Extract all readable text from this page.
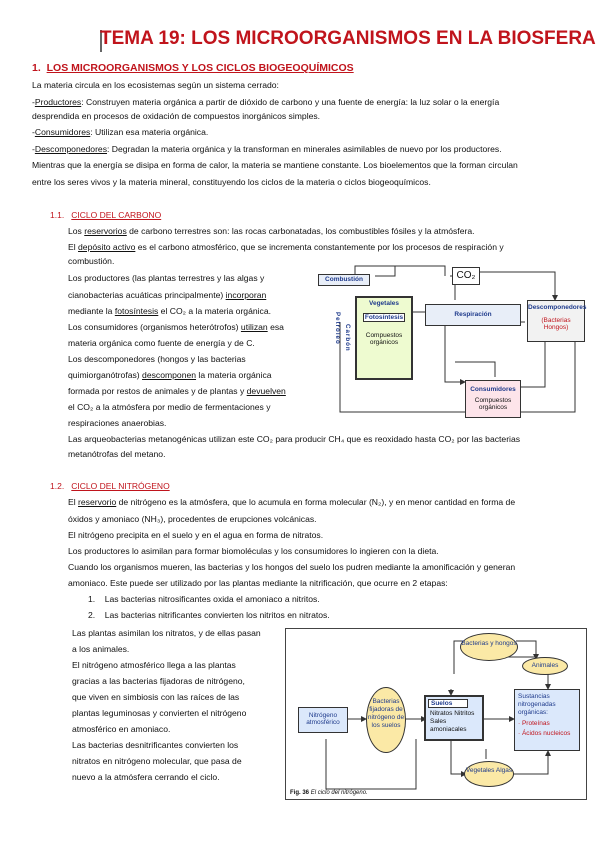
TEMA 19: LOS MICROORGANISMOS EN LA BIOSFERA
1. LOS MICROORGANISMOS Y LOS CICLOS BIOGEOQUÍMICOS

La materia circula en los ecosistemas según un sistema cerrado:

-Productores: Construyen materia orgánica a partir de dióxido de carbono y una fuente de energía: la luz solar o la energía

desprendida en procesos de oxidación de compuestos inorgánicos simples.

-Consumidores: Utilizan esa materia orgánica.

-Descomponedores: Degradan la materia orgánica y la transforman en minerales asimilables de nuevo por los productores.

Mientras que la energía se disipa en forma de calor, la materia se mantiene constante. Los bioelementos que la forman circulan

entre los seres vivos y la materia mineral, constituyendo los ciclos de la materia o ciclos biogeoquímicos.

1.1. CICLO DEL CARBONO

Los reservorios de carbono terrestres son: las rocas carbonatadas, los combustibles fósiles y la atmósfera.

El depósito activo es el carbono atmosférico, que se incrementa constantemente por los procesos de respiración y

combustión.

Los productores (las plantas terrestres y las algas y

cianobacterias acuáticas principalmente) incorporan

mediante la fotosíntesis el CO₂ a la materia orgánica.

Los consumidores (organismos heterótrofos) utilizan esa

materia orgánica como fuente de energía y de C.

Los descomponedores (hongos y las bacterias

quimiorganótrofas) descomponen la materia orgánica

formada por restos de animales y de plantas y devuelven

el CO₂ a la atmósfera por medio de fermentaciones y

respiraciones anaerobias.

Las arqueobacterias metanogénicas utilizan este CO₂ para producir CH₄ que es reoxidado hasta CO₂ por las bacterias

metanótrofas del metano.

CO₂
Combustión
Vegetales
Fotosíntesis
Compuestos orgánicos
Respiración
Descomponedores
(Bacterias Hongos)
Consumidores
Compuestos orgánicos
Petróleo Carbón
1.2. CICLO DEL NITRÓGENO

El reservorio de nitrógeno es la atmósfera, que lo acumula en forma molecular (N₂), y en menor cantidad en forma de

óxidos y amoniaco (NH₃), procedentes de erupciones volcánicas.

El nitrógeno precipita en el suelo y en el agua en forma de nitratos.

Los productores lo asimilan para formar biomoléculas y los consumidores lo ingieren con la dieta.

Cuando los organismos mueren, las bacterias y los hongos del suelo los pudren mediante la amonificación y generan

amoniaco. Este puede ser utilizado por las plantas mediante la nitrificación, que ocurre en 2 etapas:

1. Las bacterias nitrosificantes oxida el amoniaco a nitritos.

2. Las bacterias nitrificantes convierten los nitritos en nitratos.

Las plantas asimilan los nitratos, y de ellas pasan

a los animales.

El nitrógeno atmosférico llega a las plantas

gracias a las bacterias fijadoras de nitrógeno,

que viven en simbiosis con las raíces de las

plantas leguminosas y convierten el nitrógeno

atmosférico en amoniaco.

Las bacterias desnitrificantes convierten los

nitratos en nitrógeno molecular, que pasa de

nuevo a la atmósfera cerrando el ciclo.

Bacterias y hongos
Animales
Nitrógeno atmosférico
Bacterias fijadoras de nitrógeno de los suelos
Suelos
Nitratos Nitritos Sales amoniacales
Sustancias nitrogenadas orgánicas:
· Proteínas
· Ácidos nucleicos
Vegetales Algas
Fig. 36 El ciclo del nitrógeno.
